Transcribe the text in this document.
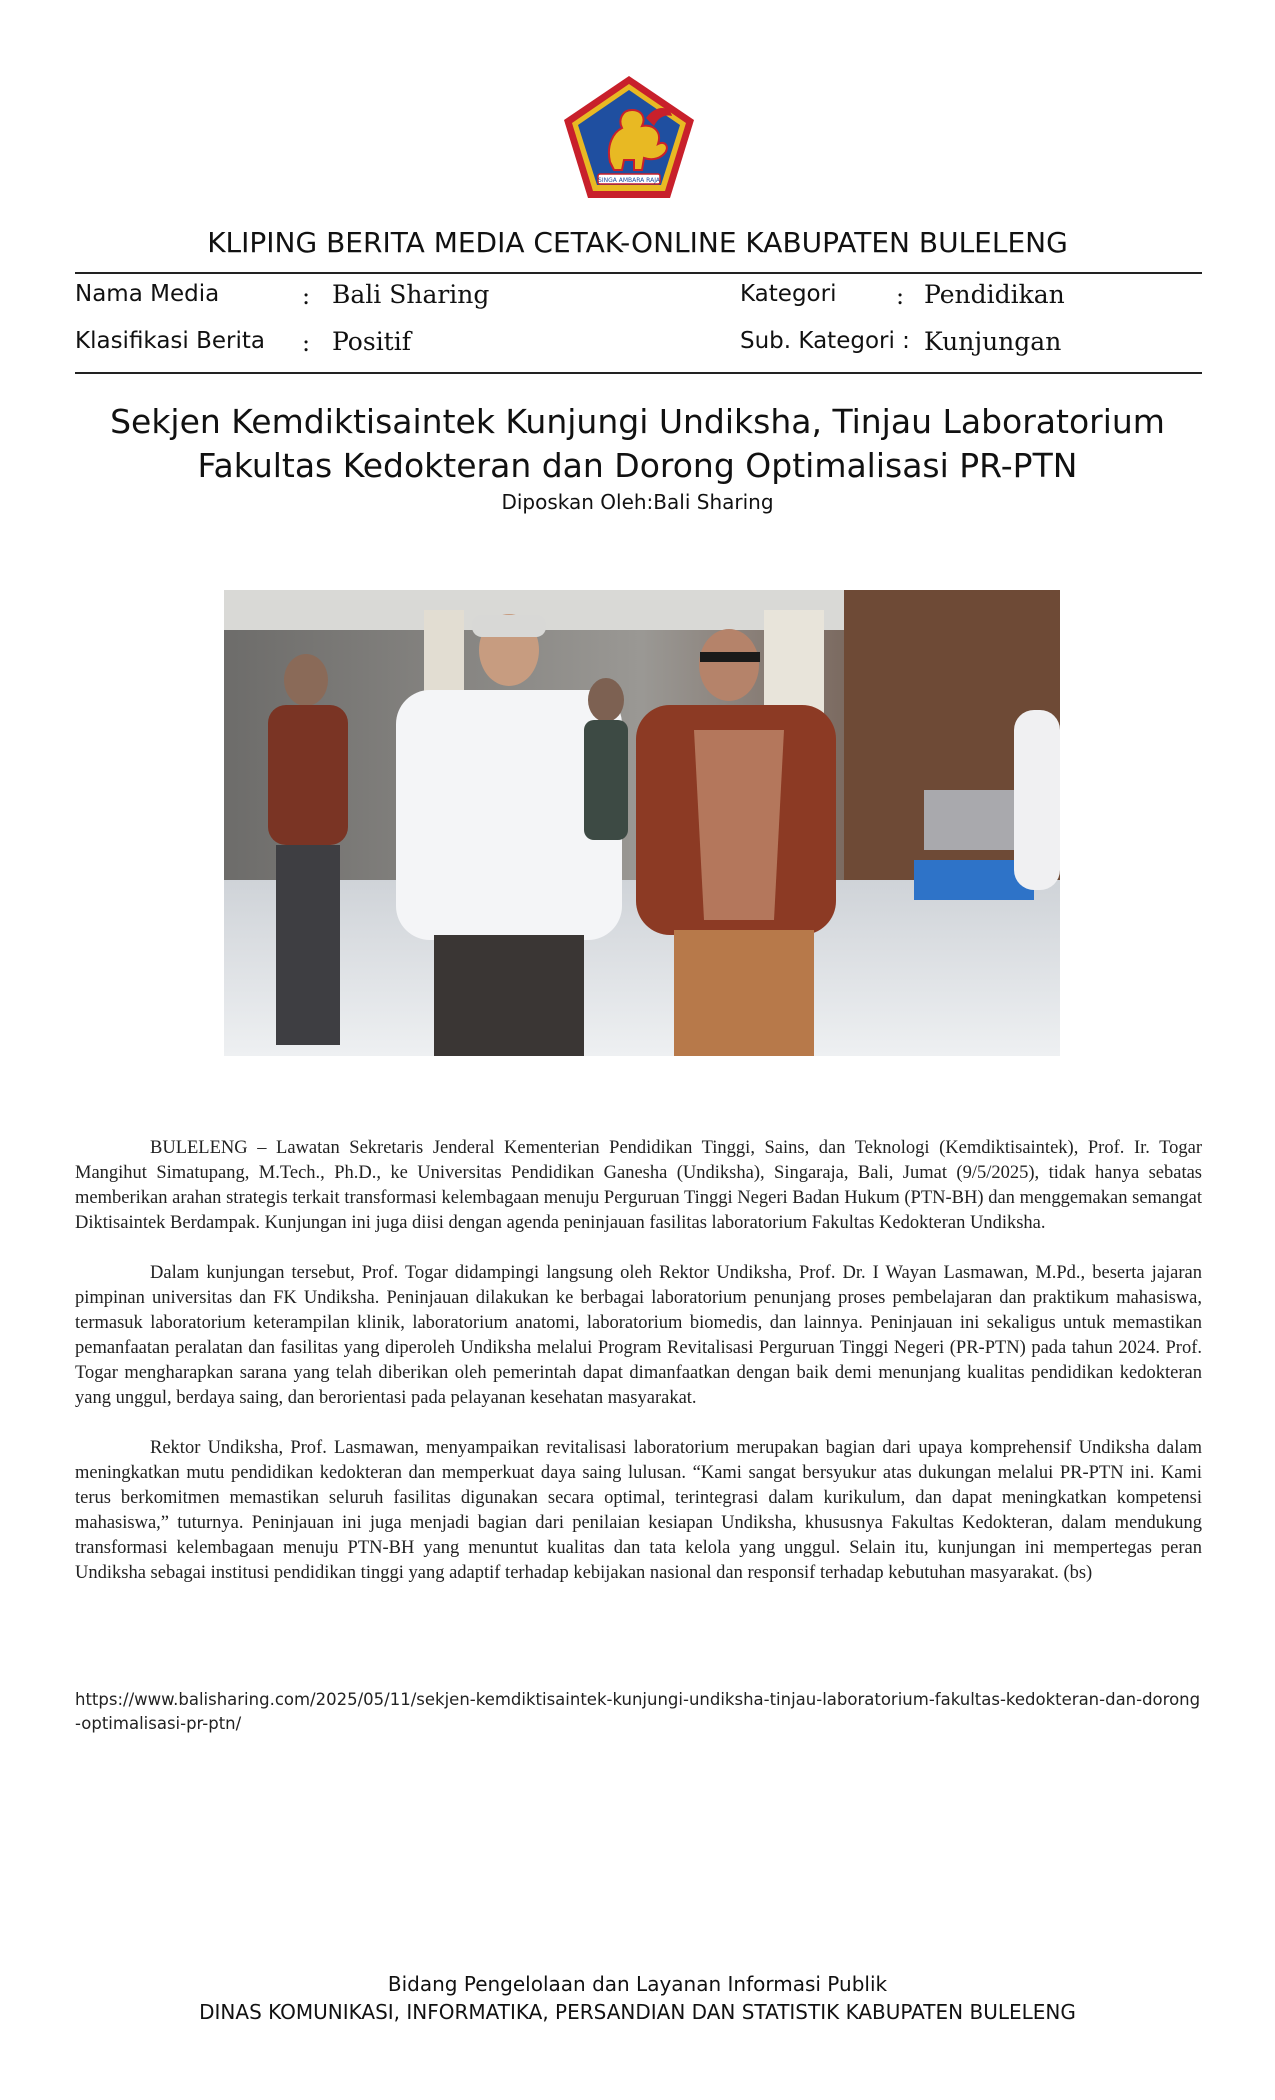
SINGA AMBARA RAJA
KLIPING BERITA MEDIA CETAK-ONLINE KABUPATEN BULELENG
Nama Media	: Bali Sharing	Kategori : Pendidikan
Klasifikasi Berita : Positif	Sub. Kategori : Kunjungan
Sekjen Kemdiktisaintek Kunjungi Undiksha, Tinjau Laboratorium
Fakultas Kedokteran dan Dorong Optimalisasi PR-PTN
Diposkan Oleh:Bali Sharing

BULELENG – Lawatan Sekretaris Jenderal Kementerian Pendidikan Tinggi, Sains, dan Teknologi (Kemdiktisaintek), Prof. Ir. Togar Mangihut Simatupang, M.Tech., Ph.D., ke Universitas Pendidikan Ganesha (Undiksha), Singaraja, Bali, Jumat (9/5/2025), tidak hanya sebatas memberikan arahan strategis terkait transformasi kelembagaan menuju Perguruan Tinggi Negeri Badan Hukum (PTN-BH) dan menggemakan semangat Diktisaintek Berdampak. Kunjungan ini juga diisi dengan agenda peninjauan fasilitas laboratorium Fakultas Kedokteran Undiksha.

Dalam kunjungan tersebut, Prof. Togar didampingi langsung oleh Rektor Undiksha, Prof. Dr. I Wayan Lasmawan, M.Pd., beserta jajaran pimpinan universitas dan FK Undiksha. Peninjauan dilakukan ke berbagai laboratorium penunjang proses pembelajaran dan praktikum mahasiswa, termasuk laboratorium keterampilan klinik, laboratorium anatomi, laboratorium biomedis, dan lainnya. Peninjauan ini sekaligus untuk memastikan pemanfaatan peralatan dan fasilitas yang diperoleh Undiksha melalui Program Revitalisasi Perguruan Tinggi Negeri (PR-PTN) pada tahun 2024. Prof. Togar mengharapkan sarana yang telah diberikan oleh pemerintah dapat dimanfaatkan dengan baik demi menunjang kualitas pendidikan kedokteran yang unggul, berdaya saing, dan berorientasi pada pelayanan kesehatan masyarakat.

Rektor Undiksha, Prof. Lasmawan, menyampaikan revitalisasi laboratorium merupakan bagian dari upaya komprehensif Undiksha dalam meningkatkan mutu pendidikan kedokteran dan memperkuat daya saing lulusan. “Kami sangat bersyukur atas dukungan melalui PR-PTN ini. Kami terus berkomitmen memastikan seluruh fasilitas digunakan secara optimal, terintegrasi dalam kurikulum, dan dapat meningkatkan kompetensi mahasiswa,” tuturnya. Peninjauan ini juga menjadi bagian dari penilaian kesiapan Undiksha, khususnya Fakultas Kedokteran, dalam mendukung transformasi kelembagaan menuju PTN-BH yang menuntut kualitas dan tata kelola yang unggul. Selain itu, kunjungan ini mempertegas peran Undiksha sebagai institusi pendidikan tinggi yang adaptif terhadap kebijakan nasional dan responsif terhadap kebutuhan masyarakat. (bs)

https://www.balisharing.com/2025/05/11/sekjen-kemdiktisaintek-kunjungi-undiksha-tinjau-laboratorium-fakultas-kedokteran-dan-dorong-optimalisasi-pr-ptn/
Bidang Pengelolaan dan Layanan Informasi Publik
DINAS KOMUNIKASI, INFORMATIKA, PERSANDIAN DAN STATISTIK KABUPATEN BULELENG
